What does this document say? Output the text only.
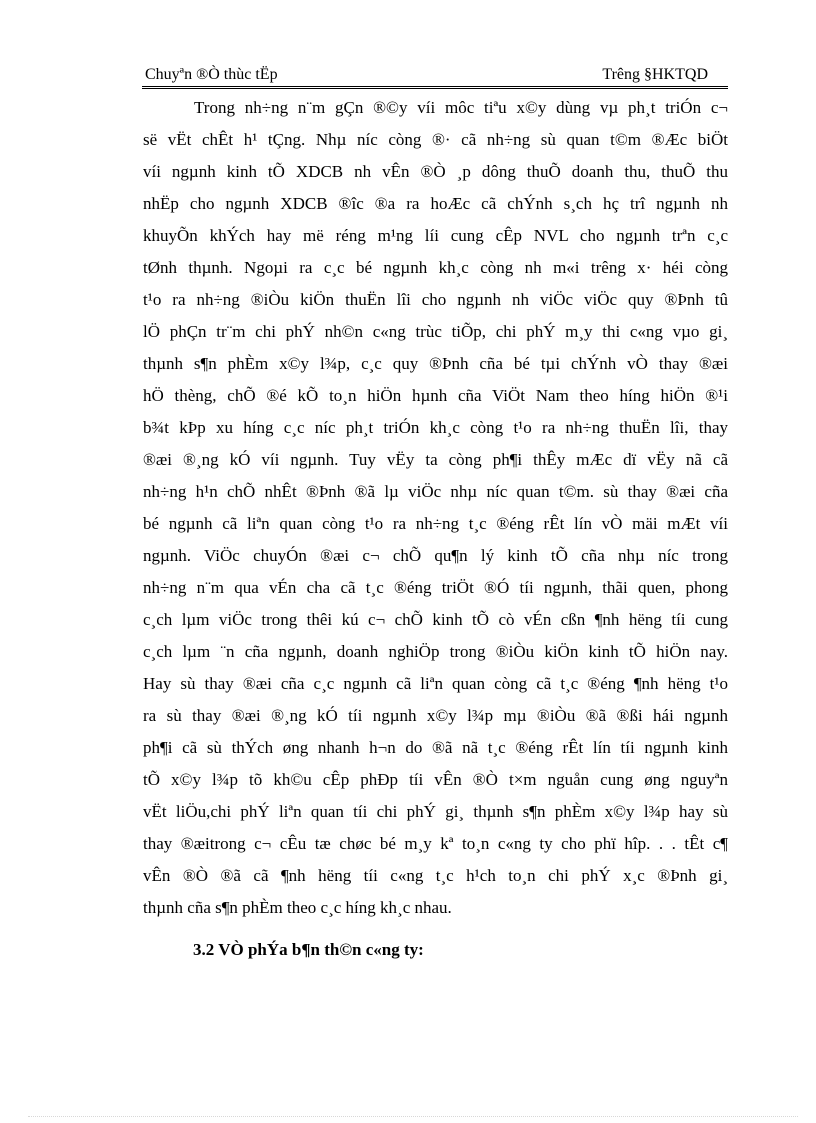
Chuyªn ®Ò thùc tËp	Trêng §HKTQD
Trong nh÷ng n¨m gÇn ®©y víi môc tiªu x©y dùng vµ ph¸t triÓn c¬
së vËt chÊt h¹ tÇng. Nhµ níc còng ®· cã nh÷ng sù quan t©m ®Æc biÖt
víi ngµnh kinh tÕ XDCB nh vÊn ®Ò ¸p dông thuÕ doanh thu, thuÕ thu
nhËp cho ngµnh XDCB ®îc ®a ra hoÆc cã chÝnh s¸ch hç trî ngµnh nh
khuyÕn khÝch hay më réng m¹ng líi cung cÊp NVL cho ngµnh trªn c¸c
tØnh thµnh. Ngoµi ra c¸c bé ngµnh kh¸c còng nh m«i trêng x· héi còng
t¹o ra nh÷ng ®iÒu kiÖn thuËn lîi cho ngµnh nh viÖc viÖc quy ®Þnh tû
lÖ phÇn tr¨m chi phÝ nh©n c«ng trùc tiÕp, chi phÝ m¸y thi c«ng vµo gi¸
thµnh s¶n phÈm x©y l¾p, c¸c quy ®Þnh cña bé tµi chÝnh vÒ thay ®æi
hÖ thèng, chÕ ®é kÕ to¸n hiÖn hµnh cña ViÖt Nam theo híng hiÖn ®¹i
b¾t kÞp xu híng c¸c níc ph¸t triÓn kh¸c còng t¹o ra nh÷ng thuËn lîi, thay
®æi ®¸ng kÓ víi ngµnh. Tuy vËy ta còng ph¶i thÊy mÆc dï vËy nã cã
nh÷ng h¹n chÕ nhÊt ®Þnh ®ã lµ viÖc nhµ níc quan t©m. sù thay ®æi cña
bé ngµnh cã liªn quan còng t¹o ra nh÷ng t¸c ®éng rÊt lín vÒ mäi mÆt víi
ngµnh. ViÖc chuyÓn ®æi c¬ chÕ qu¶n lý kinh tÕ cña nhµ níc trong
nh÷ng n¨m qua vÉn cha cã t¸c ®éng triÖt ®Ó tíi ngµnh, thãi quen, phong
c¸ch lµm viÖc trong thêi kú c¬ chÕ kinh tÕ cò vÉn cßn ¶nh hëng tíi cung
c¸ch lµm ¨n cña ngµnh, doanh nghiÖp trong ®iÒu kiÖn kinh tÕ hiÖn nay.
Hay sù thay ®æi cña c¸c ngµnh cã liªn quan còng cã t¸c ®éng ¶nh hëng t¹o
ra sù thay ®æi ®¸ng kÓ tíi ngµnh x©y l¾p mµ ®iÒu ®ã ®ßi hái ngµnh
ph¶i cã sù thÝch øng nhanh h¬n do ®ã nã t¸c ®éng rÊt lín tíi ngµnh kinh
tÕ x©y l¾p tõ kh©u cÊp phÐp tíi vÊn ®Ò t×m nguån cung øng nguyªn
vËt liÖu,chi phÝ liªn quan tíi chi phÝ gi¸ thµnh s¶n phÈm x©y l¾p hay sù
thay ®æitrong c¬ cÊu tæ chøc bé m¸y kª to¸n c«ng ty cho phï hîp. . . tÊt c¶
vÊn ®Ò ®ã cã ¶nh hëng tíi c«ng t¸c h¹ch to¸n chi phÝ x¸c ®Þnh gi¸
thµnh cña s¶n phÈm theo c¸c híng kh¸c nhau.
3.2 VÒ phÝa b¶n th©n c«ng ty:
